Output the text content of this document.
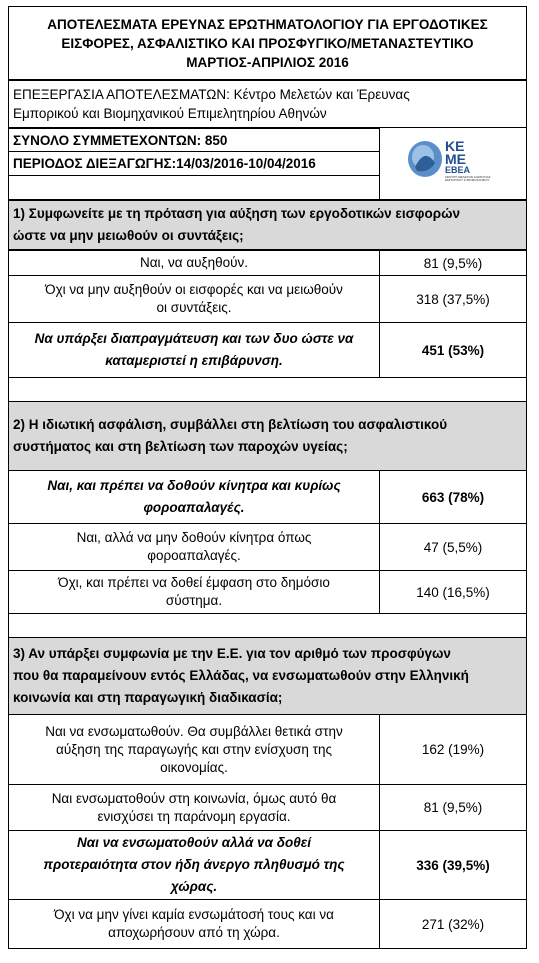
ΑΠΟΤΕΛΕΣΜΑΤΑ ΕΡΕΥΝΑΣ ΕΡΩΤΗΜΑΤΟΛΟΓΙΟΥ ΓΙΑ ΕΡΓΟΔΟΤΙΚΕΣ
ΕΙΣΦΟΡΕΣ, ΑΣΦΑΛΙΣΤΙΚΟ ΚΑΙ ΠΡΟΣΦΥΓΙΚΟ/ΜΕΤΑΝΑΣΤΕΥΤΙΚΟ
ΜΑΡΤΙΟΣ-ΑΠΡΙΛΙΟΣ 2016
ΕΠΕΞΕΡΓΑΣΙΑ ΑΠΟΤΕΛΕΣΜΑΤΩΝ: Κέντρο Μελετών και Έρευνας
Εμπορικού και Βιομηχανικού Επιμελητηρίου Αθηνών
ΣΥΝΟΛΟ ΣΥΜΜΕΤΕΧΟΝΤΩΝ: 850
ΠΕΡΙΟΔΟΣ ΔΙΕΞΑΓΩΓΗΣ:14/03/2016-10/04/2016
ΚΕ
ΜΕ
ΕΒΕΑ
ΚΕΝΤΡΟ ΜΕΛΕΤΩΝ & ΕΡΕΥΝΑΣ
ΕΜΠΟΡΙΚΟΥ & ΒΙΟΜΗΧΑΝΙΚΟΥ
1) Συμφωνείτε με τη πρόταση για αύξηση των εργοδοτικών εισφορών
ώστε να μην μειωθούν οι συντάξεις;
Ναι, να αυξηθούν.	81 (9,5%)
Όχι να μην αυξηθούν οι εισφορές και να μειωθούν
οι συντάξεις.
318 (37,5%)
Να υπάρξει διαπραγμάτευση και των δυο ώστε να
καταμεριστεί η επιβάρυνση.
451 (53%)
2) Η ιδιωτική ασφάλιση, συμβάλλει στη βελτίωση του ασφαλιστικού
συστήματος και στη βελτίωση των παροχών υγείας;
Ναι, και πρέπει να δοθούν κίνητρα και κυρίως
φοροαπαλαγές.
663 (78%)
Ναι, αλλά να μην δοθούν κίνητρα όπως
φοροαπαλαγές.
47 (5,5%)
Όχι, και πρέπει να δοθεί έμφαση στο δημόσιο
σύστημα.
140 (16,5%)
3) Αν υπάρξει συμφωνία με την Ε.Ε. για τον αριθμό των προσφύγων
που θα παραμείνουν εντός Ελλάδας, να ενσωματωθούν στην Ελληνική
κοινωνία και στη παραγωγική διαδικασία;
Ναι να ενσωματωθούν. Θα συμβάλλει θετικά στην
αύξηση της παραγωγής και στην ενίσχυση της
οικονομίας.
162 (19%)
Ναι ενσωματοθούν στη κοινωνία, όμως αυτό θα
ενισχύσει τη παράνομη εργασία.
81 (9,5%)
Ναι να ενσωματοθούν αλλά να δοθεί
προτεραιότητα στον ήδη άνεργο πληθυσμό της
χώρας.
336 (39,5%)
Όχι να μην γίνει καμία ενσωμάτοσή τους και να
αποχωρήσουν από τη χώρα.
271 (32%)
